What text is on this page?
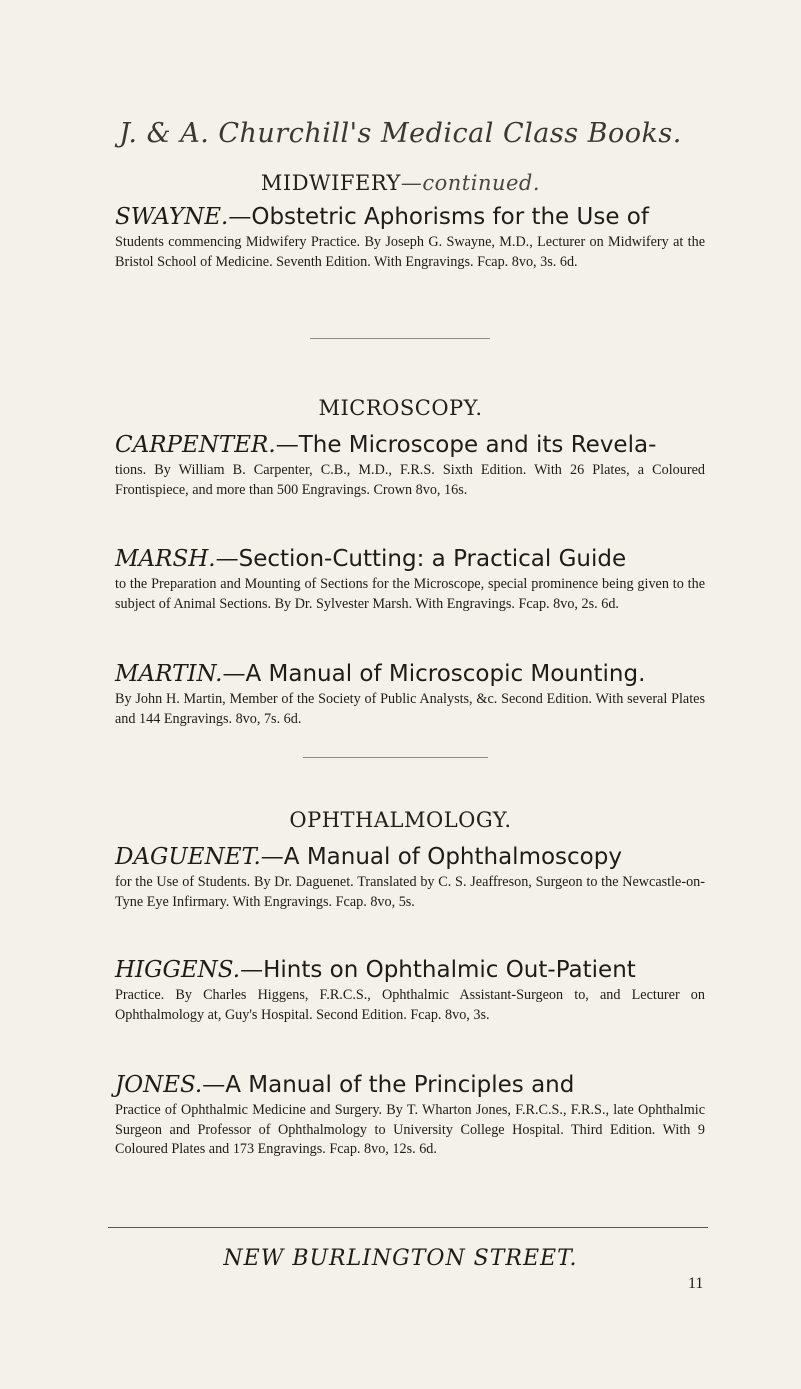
J. & A. Churchill's Medical Class Books.
MIDWIFERY—continued.
SWAYNE.—Obstetric Aphorisms for the Use of
Students commencing Midwifery Practice. By Joseph G. Swayne, M.D., Lecturer on Midwifery at the Bristol School of Medicine. Seventh Edition. With Engravings. Fcap. 8vo, 3s. 6d.
MICROSCOPY.
CARPENTER.—The Microscope and its Revela-
tions. By William B. Carpenter, C.B., M.D., F.R.S. Sixth Edition. With 26 Plates, a Coloured Frontispiece, and more than 500 Engravings. Crown 8vo, 16s.
MARSH.—Section-Cutting: a Practical Guide
to the Preparation and Mounting of Sections for the Microscope, special prominence being given to the subject of Animal Sections. By Dr. Sylvester Marsh. With Engravings. Fcap. 8vo, 2s. 6d.
MARTIN.—A Manual of Microscopic Mounting.
By John H. Martin, Member of the Society of Public Analysts, &c. Second Edition. With several Plates and 144 Engravings. 8vo, 7s. 6d.
OPHTHALMOLOGY.
DAGUENET.—A Manual of Ophthalmoscopy
for the Use of Students. By Dr. Daguenet. Translated by C. S. Jeaffreson, Surgeon to the Newcastle-on-Tyne Eye Infirmary. With Engravings. Fcap. 8vo, 5s.
HIGGENS.—Hints on Ophthalmic Out-Patient
Practice. By Charles Higgens, F.R.C.S., Ophthalmic Assistant-Surgeon to, and Lecturer on Ophthalmology at, Guy's Hospital. Second Edition. Fcap. 8vo, 3s.
JONES.—A Manual of the Principles and
Practice of Ophthalmic Medicine and Surgery. By T. Wharton Jones, F.R.C.S., F.R.S., late Ophthalmic Surgeon and Professor of Ophthalmology to University College Hospital. Third Edition. With 9 Coloured Plates and 173 Engravings. Fcap. 8vo, 12s. 6d.
NEW BURLINGTON STREET.
11
